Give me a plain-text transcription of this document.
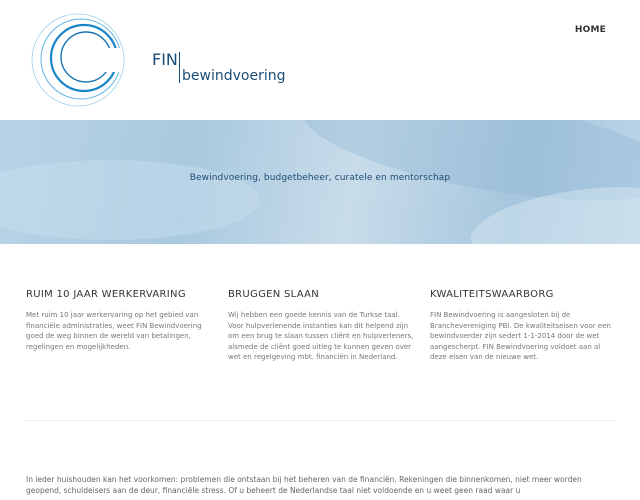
FIN
bewindvoering
HOME
Bewindvoering, budgetbeheer, curatele en mentorschap
RUIM 10 JAAR WERKERVARING

Met ruim 10 jaar werkervaring op het gebied van financiële administraties, weet FIN Bewindvoering goed de weg binnen de wereld van betalingen, regelingen en mogelijkheden.

BRUGGEN SLAAN

Wij hebben een goede kennis van de Turkse taal. Voor hulpverlenende instanties kan dit helpend zijn om een brug te slaan tussen cliënt en hulpverleners, alsmede de cliënt goed uitleg te kunnen geven over wet en regelgeving mbt. financiën in Nederland.

KWALITEITSWAARBORG

FIN Bewindvoering is aangesloten bij de Branchevereniging PBI. De kwaliteitseisen voor een bewindvoerder zijn sedert 1-1-2014 door de wet aangescherpt. FIN Bewindvoering voldoet aan al deze eisen van de nieuwe wet.

In ieder huishouden kan het voorkomen: problemen die ontstaan bij het beheren van de financiën. Rekeningen die binnenkomen, niet meer worden geopend, schuldeisers aan de deur, financiële stress. Of u beheert de Nederlandse taal niet voldoende en u weet geen raad waar u
